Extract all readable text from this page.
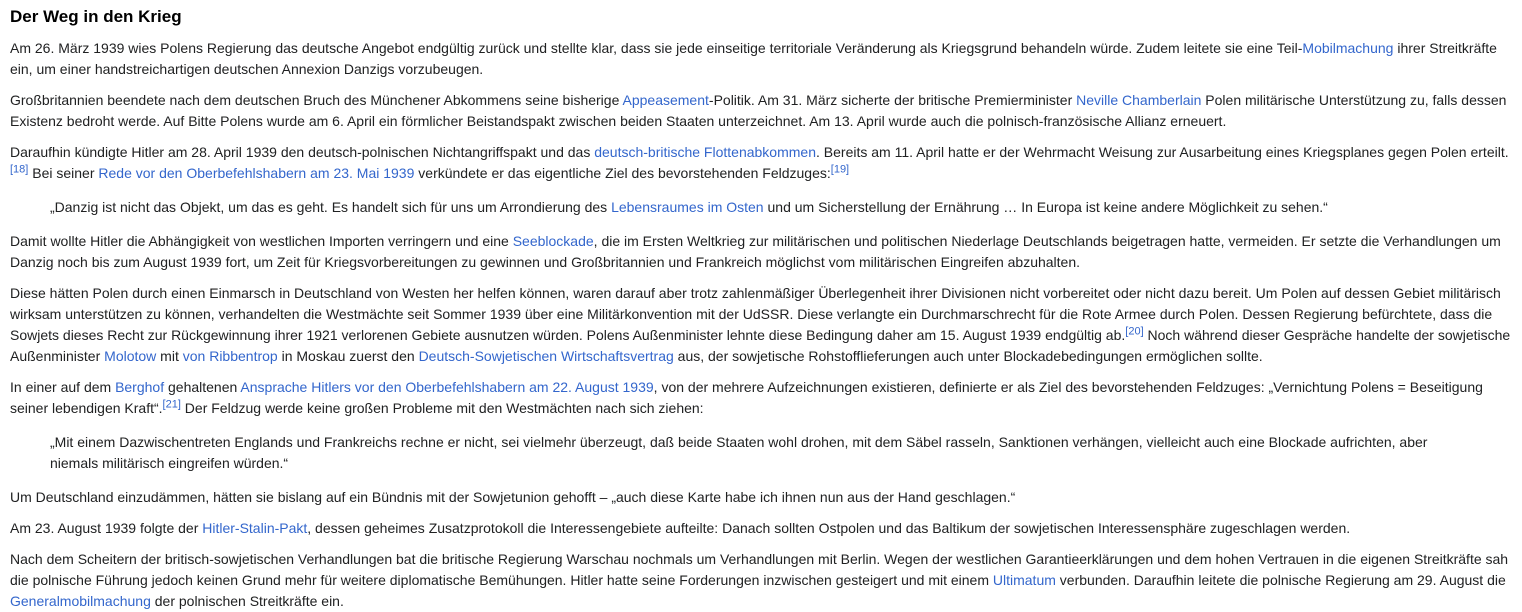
Der Weg in den Krieg

Am 26. März 1939 wies Polens Regierung das deutsche Angebot endgültig zurück und stellte klar, dass sie jede einseitige territoriale Veränderung als Kriegsgrund behandeln würde. Zudem leitete sie eine Teil-Mobilmachung ihrer Streitkräfte ein, um einer handstreichartigen deutschen Annexion Danzigs vorzubeugen.

Großbritannien beendete nach dem deutschen Bruch des Münchener Abkommens seine bisherige Appeasement-Politik. Am 31. März sicherte der britische Premierminister Neville Chamberlain Polen militärische Unterstützung zu, falls dessen Existenz bedroht werde. Auf Bitte Polens wurde am 6. April ein förmlicher Beistandspakt zwischen beiden Staaten unterzeichnet. Am 13. April wurde auch die polnisch-französische Allianz erneuert.

Daraufhin kündigte Hitler am 28. April 1939 den deutsch-polnischen Nichtangriffspakt und das deutsch-britische Flottenabkommen. Bereits am 11. April hatte er der Wehrmacht Weisung zur Ausarbeitung eines Kriegsplanes gegen Polen erteilt.[18] Bei seiner Rede vor den Oberbefehlshabern am 23. Mai 1939 verkündete er das eigentliche Ziel des bevorstehenden Feldzuges:[19]

„Danzig ist nicht das Objekt, um das es geht. Es handelt sich für uns um Arrondierung des Lebensraumes im Osten und um Sicherstellung der Ernährung … In Europa ist keine andere Möglichkeit zu sehen.“

Damit wollte Hitler die Abhängigkeit von westlichen Importen verringern und eine Seeblockade, die im Ersten Weltkrieg zur militärischen und politischen Niederlage Deutschlands beigetragen hatte, vermeiden. Er setzte die Verhandlungen um Danzig noch bis zum August 1939 fort, um Zeit für Kriegsvorbereitungen zu gewinnen und Großbritannien und Frankreich möglichst vom militärischen Eingreifen abzuhalten.

Diese hätten Polen durch einen Einmarsch in Deutschland von Westen her helfen können, waren darauf aber trotz zahlenmäßiger Überlegenheit ihrer Divisionen nicht vorbereitet oder nicht dazu bereit. Um Polen auf dessen Gebiet militärisch wirksam unterstützen zu können, verhandelten die Westmächte seit Sommer 1939 über eine Militärkonvention mit der UdSSR. Diese verlangte ein Durchmarschrecht für die Rote Armee durch Polen. Dessen Regierung befürchtete, dass die Sowjets dieses Recht zur Rückgewinnung ihrer 1921 verlorenen Gebiete ausnutzen würden. Polens Außenminister lehnte diese Bedingung daher am 15. August 1939 endgültig ab.[20] Noch während dieser Gespräche handelte der sowjetische Außenminister Molotow mit von Ribbentrop in Moskau zuerst den Deutsch-Sowjetischen Wirtschaftsvertrag aus, der sowjetische Rohstofflieferungen auch unter Blockadebedingungen ermöglichen sollte.

In einer auf dem Berghof gehaltenen Ansprache Hitlers vor den Oberbefehlshabern am 22. August 1939, von der mehrere Aufzeichnungen existieren, definierte er als Ziel des bevorstehenden Feldzuges: „Vernichtung Polens = Beseitigung seiner lebendigen Kraft“.[21] Der Feldzug werde keine großen Probleme mit den Westmächten nach sich ziehen:

„Mit einem Dazwischentreten Englands und Frankreichs rechne er nicht, sei vielmehr überzeugt, daß beide Staaten wohl drohen, mit dem Säbel rasseln, Sanktionen verhängen, vielleicht auch eine Blockade aufrichten, aber niemals militärisch eingreifen würden.“

Um Deutschland einzudämmen, hätten sie bislang auf ein Bündnis mit der Sowjetunion gehofft – „auch diese Karte habe ich ihnen nun aus der Hand geschlagen.“

Am 23. August 1939 folgte der Hitler-Stalin-Pakt, dessen geheimes Zusatzprotokoll die Interessengebiete aufteilte: Danach sollten Ostpolen und das Baltikum der sowjetischen Interessensphäre zugeschlagen werden.

Nach dem Scheitern der britisch-sowjetischen Verhandlungen bat die britische Regierung Warschau nochmals um Verhandlungen mit Berlin. Wegen der westlichen Garantieerklärungen und dem hohen Vertrauen in die eigenen Streitkräfte sah die polnische Führung jedoch keinen Grund mehr für weitere diplomatische Bemühungen. Hitler hatte seine Forderungen inzwischen gesteigert und mit einem Ultimatum verbunden. Daraufhin leitete die polnische Regierung am 29. August die Generalmobilmachung der polnischen Streitkräfte ein.
